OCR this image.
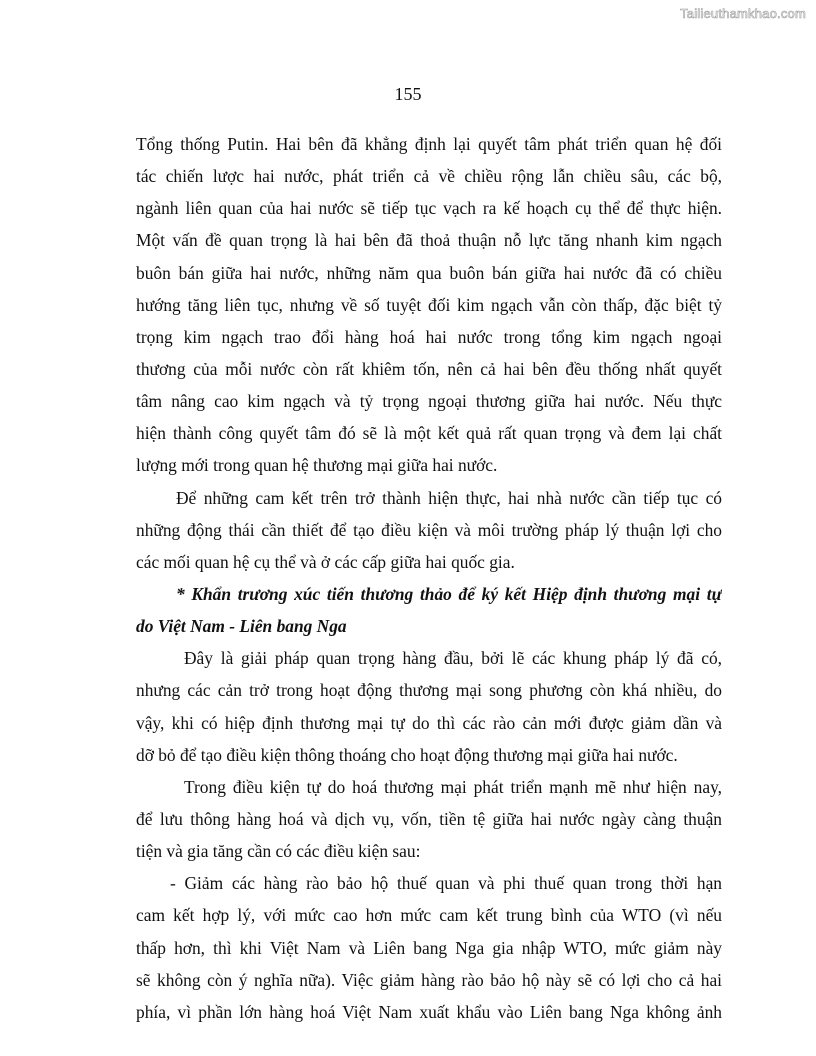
Tailieuthamkhao.com
155
Tổng thống Putin. Hai bên đã khẳng định lại quyết tâm phát triển quan hệ đối
tác chiến lược hai nước, phát triển cả về chiều rộng lẫn chiều sâu, các bộ,
ngành liên quan của hai nước sẽ tiếp tục vạch ra kế hoạch cụ thể để thực hiện.
Một vấn đề quan trọng là hai bên đã thoả thuận nỗ lực tăng nhanh kim ngạch
buôn bán giữa hai nước, những năm qua buôn bán giữa hai nước đã có chiều
hướng tăng liên tục, nhưng về số tuyệt đối kim ngạch vẫn còn thấp, đặc biệt tỷ
trọng kim ngạch trao đổi hàng hoá hai nước trong tổng kim ngạch ngoại
thương của mỗi nước còn rất khiêm tốn, nên cả hai bên đều thống nhất quyết
tâm nâng cao kim ngạch và tỷ trọng ngoại thương giữa hai nước. Nếu thực
hiện thành công quyết tâm đó sẽ là một kết quả rất quan trọng và đem lại chất
lượng mới trong quan hệ thương mại giữa hai nước.
Để những cam kết trên trở thành hiện thực, hai nhà nước cần tiếp tục có
những động thái cần thiết để tạo điều kiện và môi trường pháp lý thuận lợi cho
các mối quan hệ cụ thể và ở các cấp giữa hai quốc gia.
* Khẩn trương xúc tiến thương thảo để ký kết Hiệp định thương mại tự
do Việt Nam - Liên bang Nga
Đây là giải pháp quan trọng hàng đầu, bởi lẽ các khung pháp lý đã có,
nhưng các cản trở trong hoạt động thương mại song phương còn khá nhiều, do
vậy, khi có hiệp định thương mại tự do thì các rào cản mới được giảm dần và
dỡ bỏ để tạo điều kiện thông thoáng cho hoạt động thương mại giữa hai nước.
Trong điều kiện tự do hoá thương mại phát triển mạnh mẽ như hiện nay,
để lưu thông hàng hoá và dịch vụ, vốn, tiền tệ giữa hai nước ngày càng thuận
tiện và gia tăng cần có các điều kiện sau:
- Giảm các hàng rào bảo hộ thuế quan và phi thuế quan trong thời hạn
cam kết hợp lý, với mức cao hơn mức cam kết trung bình của WTO (vì nếu
thấp hơn, thì khi Việt Nam và Liên bang Nga gia nhập WTO, mức giảm này
sẽ không còn ý nghĩa nữa). Việc giảm hàng rào bảo hộ này sẽ có lợi cho cả hai
phía, vì phần lớn hàng hoá Việt Nam xuất khẩu vào Liên bang Nga không ảnh
